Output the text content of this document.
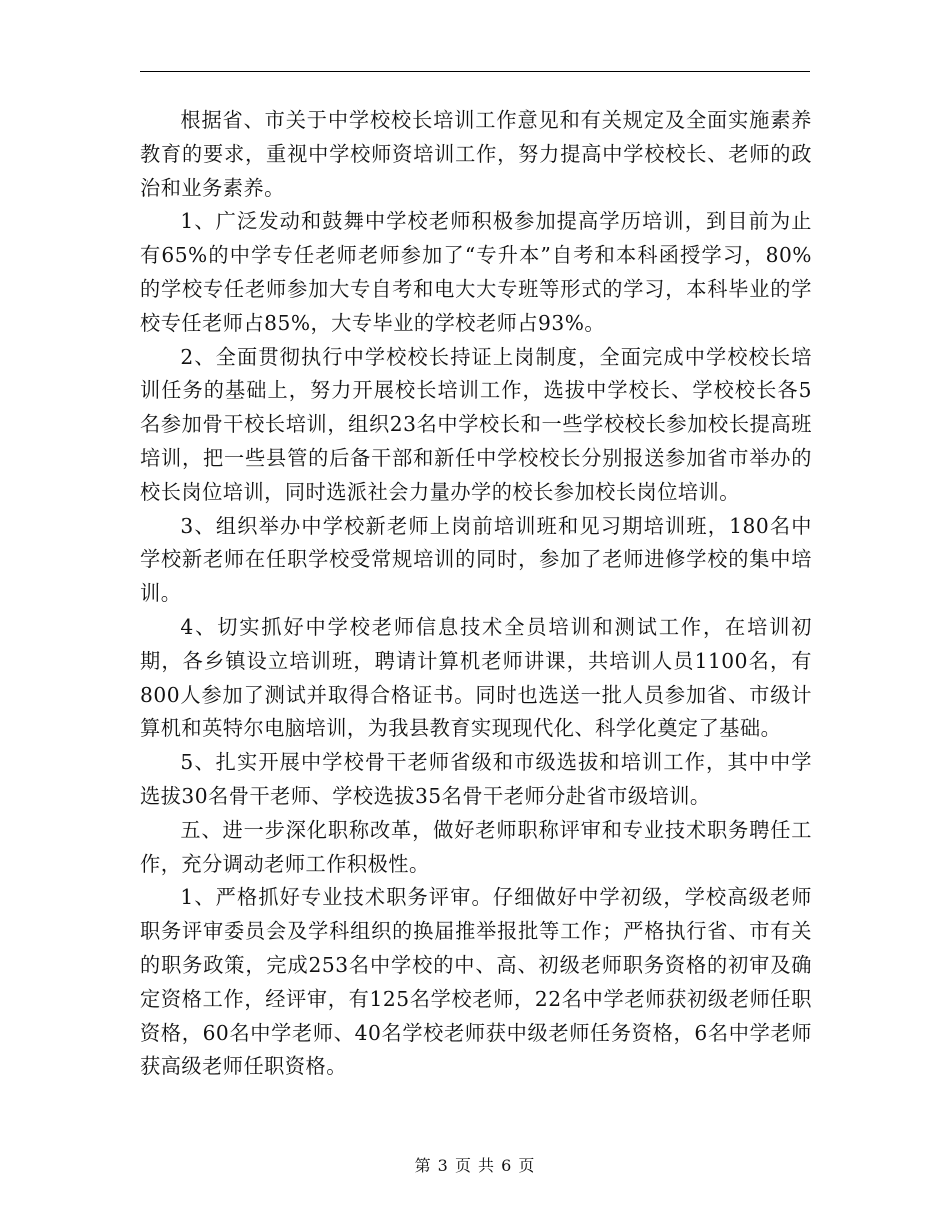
根据省、市关于中学校校长培训工作意见和有关规定及全面实施素养教育的要求，重视中学校师资培训工作，努力提高中学校校长、老师的政治和业务素养。

1、广泛发动和鼓舞中学校老师积极参加提高学历培训，到目前为止有65%的中学专任老师老师参加了“专升本”自考和本科函授学习，80%的学校专任老师参加大专自考和电大大专班等形式的学习，本科毕业的学校专任老师占85%，大专毕业的学校老师占93%。

2、全面贯彻执行中学校校长持证上岗制度，全面完成中学校校长培训任务的基础上，努力开展校长培训工作，选拔中学校长、学校校长各5名参加骨干校长培训，组织23名中学校长和一些学校校长参加校长提高班培训，把一些县管的后备干部和新任中学校校长分别报送参加省市举办的校长岗位培训，同时选派社会力量办学的校长参加校长岗位培训。

3、组织举办中学校新老师上岗前培训班和见习期培训班，180名中学校新老师在任职学校受常规培训的同时，参加了老师进修学校的集中培训。

4、切实抓好中学校老师信息技术全员培训和测试工作，在培训初期，各乡镇设立培训班，聘请计算机老师讲课，共培训人员1100名，有800人参加了测试并取得合格证书。同时也选送一批人员参加省、市级计算机和英特尔电脑培训，为我县教育实现现代化、科学化奠定了基础。

5、扎实开展中学校骨干老师省级和市级选拔和培训工作，其中中学选拔30名骨干老师、学校选拔35名骨干老师分赴省市级培训。

五、进一步深化职称改革，做好老师职称评审和专业技术职务聘任工作，充分调动老师工作积极性。

1、严格抓好专业技术职务评审。仔细做好中学初级，学校高级老师职务评审委员会及学科组织的换届推举报批等工作；严格执行省、市有关的职务政策，完成253名中学校的中、高、初级老师职务资格的初审及确定资格工作，经评审，有125名学校老师，22名中学老师获初级老师任职资格，60名中学老师、40名学校老师获中级老师任务资格，6名中学老师获高级老师任职资格。

第 3 页 共 6 页
